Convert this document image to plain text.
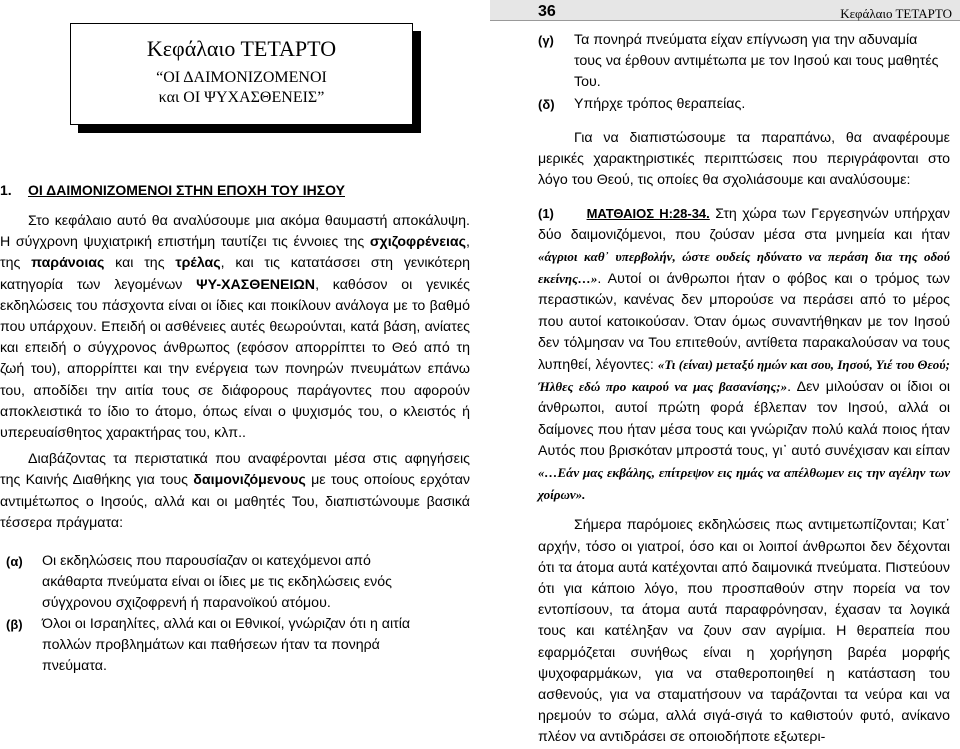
Κεφάλαιο ΤΕΤΑΡΤΟ
“ΟΙ ΔΑΙΜΟΝΙΖΟΜΕΝΟΙ
και ΟΙ ΨΥΧΑΣΘΕΝΕΙΣ”
1. ΟΙ ΔΑΙΜΟΝΙΖΟΜΕΝΟΙ ΣΤΗΝ ΕΠΟΧΗ ΤΟΥ ΙΗΣΟΥ

Στο κεφάλαιο αυτό θα αναλύσουμε μια ακόμα θαυμαστή αποκάλυψη. Η σύγχρονη ψυχιατρική επιστήμη ταυτίζει τις έννοιες της σχιζοφρένειας, της παράνοιας και της τρέλας, και τις κατατάσσει στη γενικότερη κατηγορία των λεγομένων ΨΥ-ΧΑΣΘΕΝΕΙΩΝ, καθόσον οι γενικές εκδηλώσεις του πάσχοντα είναι οι ίδιες και ποικίλουν ανάλογα με το βαθμό που υπάρχουν. Επειδή οι ασθένειες αυτές θεωρούνται, κατά βάση, ανίατες και επειδή ο σύγχρονος άνθρωπος (εφόσον απορρίπτει το Θεό από τη ζωή του), απορρίπτει και την ενέργεια των πονηρών πνευμάτων επάνω του, αποδίδει την αιτία τους σε διάφορους παράγοντες που αφορούν αποκλειστικά το ίδιο το άτομο, όπως είναι ο ψυχισμός του, ο κλειστός ή υπερευαίσθητος χαρακτήρας του, κλπ..

Διαβάζοντας τα περιστατικά που αναφέρονται μέσα στις αφηγήσεις της Καινής Διαθήκης για τους δαιμονιζόμενους με τους οποίους ερχόταν αντιμέτωπος ο Ιησούς, αλλά και οι μαθητές Του, διαπιστώνουμε βασικά τέσσερα πράγματα:

(α) Οι εκδηλώσεις που παρουσίαζαν οι κατεχόμενοι από ακάθαρτα πνεύματα είναι οι ίδιες με τις εκδηλώσεις ενός σύγχρονου σχιζοφρενή ή παρανοϊκού ατόμου.
(β) Όλοι οι Ισραηλίτες, αλλά και οι Εθνικοί, γνώριζαν ότι η αιτία πολλών προβλημάτων και παθήσεων ήταν τα πονηρά πνεύματα.
36	Κεφάλαιο ΤΕΤΑΡΤΟ
(γ) Τα πονηρά πνεύματα είχαν επίγνωση για την αδυναμία τους να έρθουν αντιμέτωπα με τον Ιησού και τους μαθητές Του.
(δ) Υπήρχε τρόπος θεραπείας.

Για να διαπιστώσουμε τα παραπάνω, θα αναφέρουμε μερικές χαρακτηριστικές περιπτώσεις που περιγράφονται στο λόγο του Θεού, τις οποίες θα σχολιάσουμε και αναλύσουμε:

(1)	ΜΑΤΘΑΙΟΣ Η:28-34. Στη χώρα των Γεργεσηνών υπήρχαν δύο δαιμονιζόμενοι, που ζούσαν μέσα στα μνημεία και ήταν «άγριοι καθ᾽ υπερβολήν, ώστε ουδείς ηδύνατο να περάση δια της οδού εκείνης…». Αυτοί οι άνθρωποι ήταν ο φόβος και ο τρόμος των περαστικών, κανένας δεν μπορούσε να περάσει από το μέρος που αυτοί κατοικούσαν. Όταν όμως συναντήθηκαν με τον Ιησού δεν τόλμησαν να Του επιτεθούν, αντίθετα παρακαλούσαν να τους λυπηθεί, λέγοντες: «Τι (είναι) μεταξύ ημών και σου, Ιησού, Υιέ του Θεού; Ήλθες εδώ προ καιρού να μας βασανίσης;». Δεν μιλούσαν οι ίδιοι οι άνθρωποι, αυτοί πρώτη φορά έβλεπαν τον Ιησού, αλλά οι δαίμονες που ήταν μέσα τους και γνώριζαν πολύ καλά ποιος ήταν Αυτός που βρισκόταν μπροστά τους, γι᾽ αυτό συνέχισαν και είπαν «…Εάν μας εκβάλης, επίτρεψον εις ημάς να απέλθωμεν εις την αγέλην των χοίρων».

Σήμερα παρόμοιες εκδηλώσεις πως αντιμετωπίζονται; Κατ᾽ αρχήν, τόσο οι γιατροί, όσο και οι λοιποί άνθρωποι δεν δέχονται ότι τα άτομα αυτά κατέχονται από δαιμονικά πνεύματα. Πιστεύουν ότι για κάποιο λόγο, που προσπαθούν στην πορεία να τον εντοπίσουν, τα άτομα αυτά παραφρόνησαν, έχασαν τα λογικά τους και κατέληξαν να ζουν σαν αγρίμια. Η θεραπεία που εφαρμόζεται συνήθως είναι η χορήγηση βαρέα μορφής ψυχοφαρμάκων, για να σταθεροποιηθεί η κατάσταση του ασθενούς, για να σταματήσουν να ταράζονται τα νεύρα και να ηρεμούν το σώμα, αλλά σιγά-σιγά το καθιστούν φυτό, ανίκανο πλέον να αντιδράσει σε οποιοδήποτε εξωτερι-
